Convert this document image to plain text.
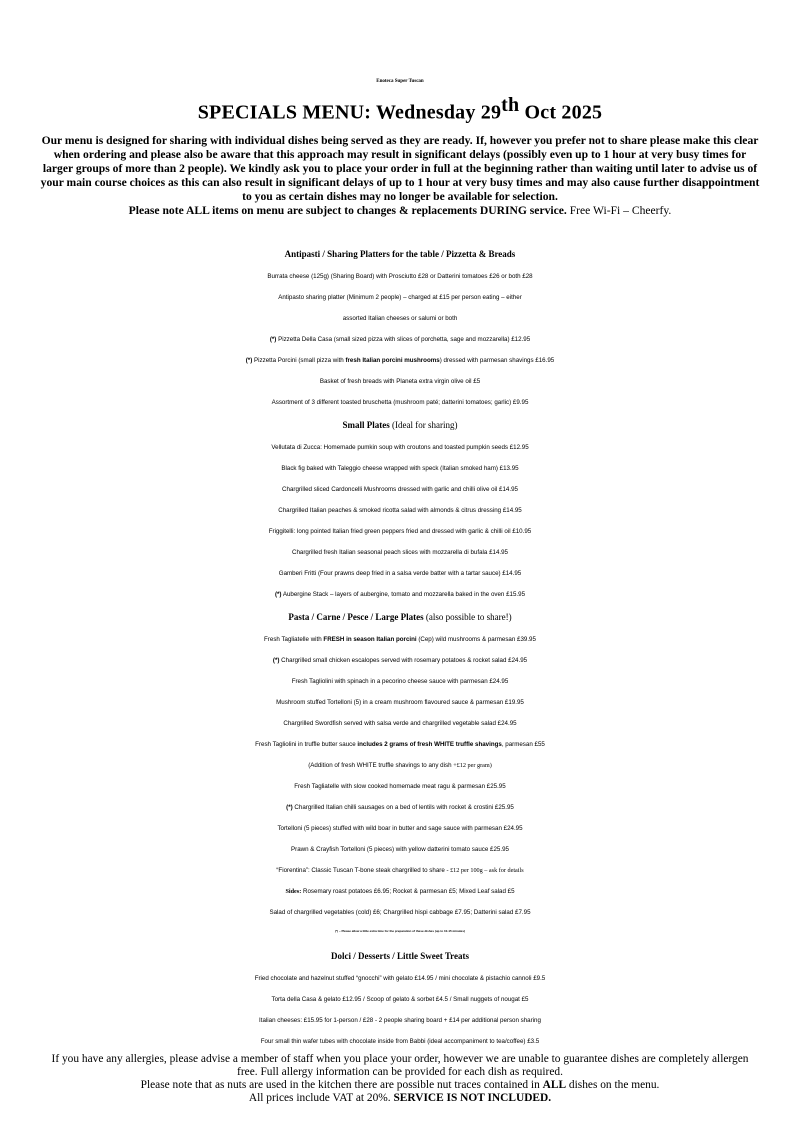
Enoteca Super Tuscan
SPECIALS MENU: Wednesday 29th Oct 2025
Our menu is designed for sharing with individual dishes being served as they are ready. If, however you prefer not to share please make this clear when ordering and please also be aware that this approach may result in significant delays (possibly even up to 1 hour at very busy times for larger groups of more than 2 people). We kindly ask you to place your order in full at the beginning rather than waiting until later to advise us of your main course choices as this can also result in significant delays of up to 1 hour at very busy times and may also cause further disappointment to you as certain dishes may no longer be available for selection.
Please note ALL items on menu are subject to changes & replacements DURING service. Free Wi-Fi – Cheerfy.
Antipasti / Sharing Platters for the table / Pizzetta & Breads
Burrata cheese (125g) (Sharing Board) with Prosciutto £28 or Datterini tomatoes £26 or both £28
Antipasto sharing platter (Minimum 2 people) – charged at £15 per person eating – either
assorted Italian cheeses or salumi or both
(*) Pizzetta Della Casa (small sized pizza with slices of porchetta, sage and mozzarella) £12.95
(*) Pizzetta Porcini (small pizza with fresh Italian porcini mushrooms) dressed with parmesan shavings £16.95
Basket of fresh breads with Planeta extra virgin olive oil £5
Assortment of 3 different toasted bruschetta (mushroom paté; datterini tomatoes; garlic) £9.95
Small Plates (Ideal for sharing)
Vellutata di Zucca: Homemade pumkin soup with croutons and toasted pumpkin seeds £12.95
Black fig baked with Taleggio cheese wrapped with speck (Italian smoked ham) £13.95
Chargrilled sliced Cardoncelli Mushrooms dressed with garlic and chilli olive oil £14.95
Chargrilled Italian peaches & smoked ricotta salad with almonds & citrus dressing £14.95
Friggitelli: long pointed Italian fried green peppers fried and dressed with garlic & chilli oil £10.95
Chargrilled fresh Italian seasonal peach slices with mozzarella di bufala £14.95
Gamberi Fritti (Four prawns deep fried in a salsa verde batter with a tartar sauce) £14.95
(*) Aubergine Stack – layers of aubergine, tomato and mozzarella baked in the oven £15.95
Pasta / Carne / Pesce / Large Plates (also possible to share!)
Fresh Tagliatelle with FRESH in season Italian porcini (Cep) wild mushrooms & parmesan £39.95
(*) Chargrilled small chicken escalopes served with rosemary potatoes & rocket salad £24.95
Fresh Tagliolini with spinach in a pecorino cheese sauce with parmesan £24.95
Mushroom stuffed Tortelloni (5) in a cream mushroom flavoured sauce & parmesan £19.95
Chargrilled Swordfish served with salsa verde and chargrilled vegetable salad £24.95
Fresh Tagliolini in truffle butter sauce includes 2 grams of fresh WHITE truffle shavings, parmesan £55
(Addition of fresh WHITE truffle shavings to any dish +£12 per gram)
Fresh Tagliatelle with slow cooked homemade meat ragu & parmesan £25.95
(*) Chargrilled Italian chilli sausages on a bed of lentils with rocket & crostini £25.95
Tortelloni (5 pieces) stuffed with wild boar in butter and sage sauce with parmesan £24.95
Prawn & Crayfish Tortelloni (5 pieces) with yellow datterini tomato sauce £25.95
“Fiorentina”: Classic Tuscan T-bone steak chargrilled to share - £12 per 100g – ask for details
Sides: Rosemary roast potatoes £6.95; Rocket & parmesan £5; Mixed Leaf salad £5
Salad of chargrilled vegetables (cold) £6; Chargrilled hispi cabbage £7.95; Datterini salad £7.95
(*) – Please allow a little extra time for the preparation of these dishes (up to 10-15 minutes)
Dolci / Desserts / Little Sweet Treats
Fried chocolate and hazelnut stuffed “gnocchi” with gelato £14.95 / mini chocolate & pistachio cannoli £9.5
Torta della Casa & gelato £12.95 / Scoop of gelato & sorbet £4.5 / Small nuggets of nougat £5
Italian cheeses: £15.95 for 1-person / £28 - 2 people sharing board + £14 per additional person sharing
Four small thin wafer tubes with chocolate inside from Babbi (ideal accompaniment to tea/coffee) £3.5
If you have any allergies, please advise a member of staff when you place your order, however we are unable to guarantee dishes are completely allergen free. Full allergy information can be provided for each dish as required.
Please note that as nuts are used in the kitchen there are possible nut traces contained in ALL dishes on the menu.
All prices include VAT at 20%. SERVICE IS NOT INCLUDED.
